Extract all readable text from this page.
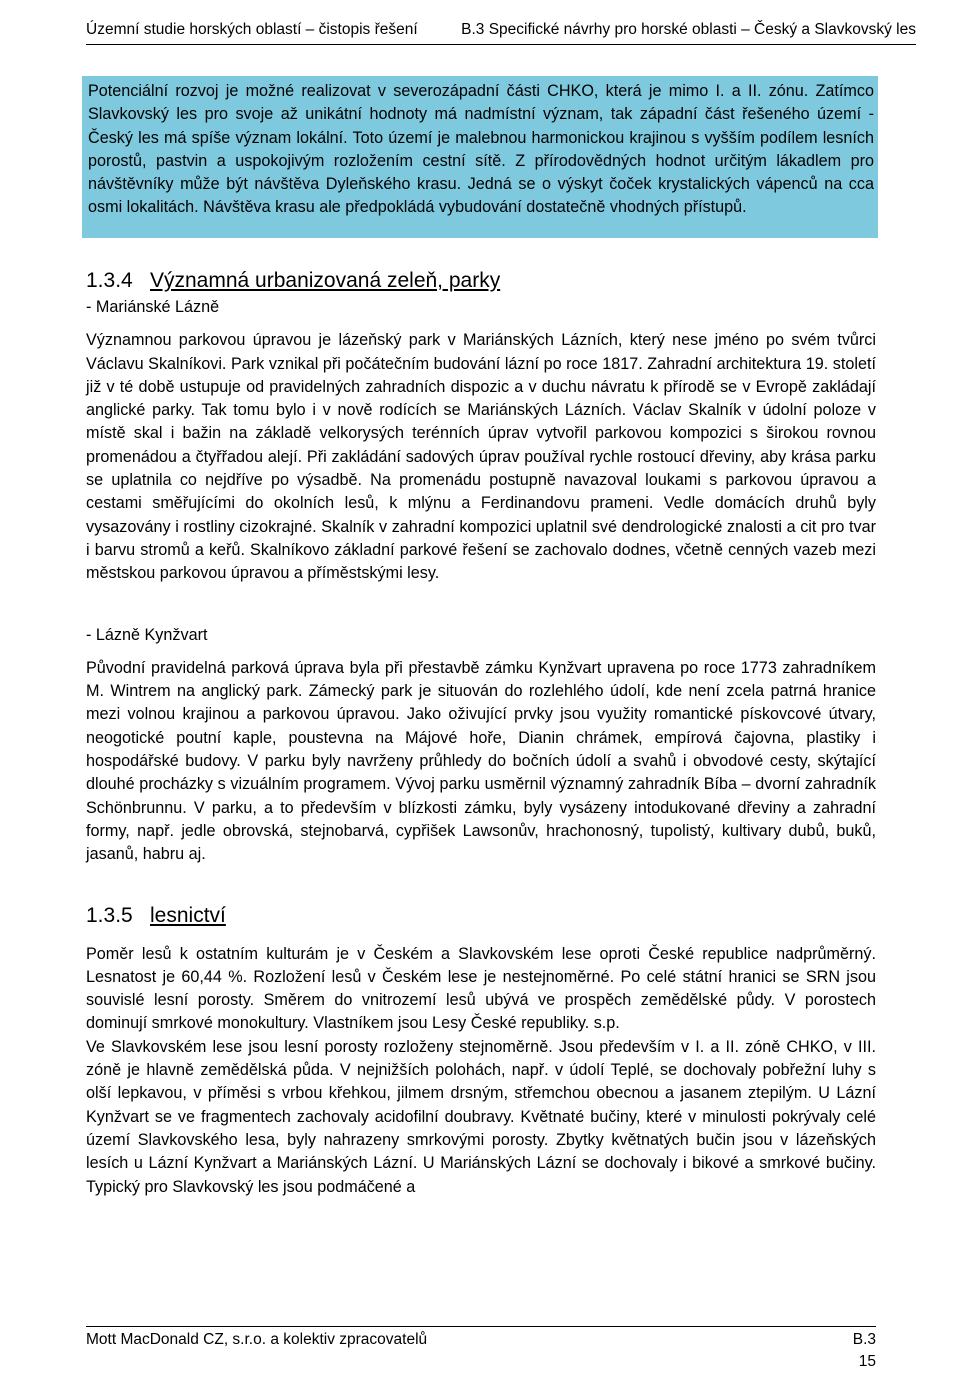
Územní studie horských oblastí – čistopis řešení	B.3 Specifické návrhy pro horské oblasti – Český a Slavkovský les
Potenciální rozvoj je možné realizovat v severozápadní části CHKO, která je mimo I. a II. zónu. Zatímco Slavkovský les pro svoje až unikátní hodnoty má nadmístní význam, tak západní část řešeného území - Český les má spíše význam lokální. Toto území je malebnou harmonickou krajinou s vyšším podílem lesních porostů, pastvin a uspokojivým rozložením cestní sítě. Z přírodovědných hodnot určitým lákadlem pro návštěvníky může být návštěva Dyleňského krasu. Jedná se o výskyt čoček krystalických vápenců na cca osmi lokalitách. Návštěva krasu ale předpokládá vybudování dostatečně vhodných přístupů.
1.3.4 Významná urbanizovaná zeleň, parky

- Mariánské Lázně

Významnou parkovou úpravou je lázeňský park v Mariánských Lázních, který nese jméno po svém tvůrci Václavu Skalníkovi. Park vznikal při počátečním budování lázní po roce 1817. Zahradní architektura 19. století již v té době ustupuje od pravidelných zahradních dispozic a v duchu návratu k přírodě se v Evropě zakládají anglické parky. Tak tomu bylo i v nově rodících se Mariánských Lázních. Václav Skalník v údolní poloze v místě skal i bažin na základě velkorysých terénních úprav vytvořil parkovou kompozici s širokou rovnou promenádou a čtyřřadou alejí. Při zakládání sadových úprav používal rychle rostoucí dřeviny, aby krása parku se uplatnila co nejdříve po výsadbě. Na promenádu postupně navazoval loukami s parkovou úpravou a cestami směřujícími do okolních lesů, k mlýnu a Ferdinandovu prameni. Vedle domácích druhů byly vysazovány i rostliny cizokrajné. Skalník v zahradní kompozici uplatnil své dendrologické znalosti a cit pro tvar i barvu stromů a keřů. Skalníkovo základní parkové řešení se zachovalo dodnes, včetně cenných vazeb mezi městskou parkovou úpravou a příměstskými lesy.

- Lázně Kynžvart

Původní pravidelná parková úprava byla při přestavbě zámku Kynžvart upravena po roce 1773 zahradníkem M. Wintrem na anglický park. Zámecký park je situován do rozlehlého údolí, kde není zcela patrná hranice mezi volnou krajinou a parkovou úpravou. Jako oživující prvky jsou využity romantické pískovcové útvary, neogotické poutní kaple, poustevna na Májové hoře, Dianin chrámek, empírová čajovna, plastiky i hospodářské budovy. V parku byly navrženy průhledy do bočních údolí a svahů i obvodové cesty, skýtající dlouhé procházky s vizuálním programem. Vývoj parku usměrnil významný zahradník Bíba – dvorní zahradník Schönbrunnu. V parku, a to především v blízkosti zámku, byly vysázeny intodukované dřeviny a zahradní formy, např. jedle obrovská, stejnobarvá, cypřišek Lawsonův, hrachonosný, tupolistý, kultivary dubů, buků, jasanů, habru aj.

1.3.5 lesnictví

Poměr lesů k ostatním kulturám je v Českém a Slavkovském lese oproti České republice nadprůměrný. Lesnatost je 60,44 %. Rozložení lesů v Českém lese je nestejnoměrné. Po celé státní hranici se SRN jsou souvislé lesní porosty. Směrem do vnitrozemí lesů ubývá ve prospěch zemědělské půdy. V porostech dominují smrkové monokultury. Vlastníkem jsou Lesy České republiky. s.p.

Ve Slavkovském lese jsou lesní porosty rozloženy stejnoměrně. Jsou především v I. a II. zóně CHKO, v III. zóně je hlavně zemědělská půda. V nejnižších polohách, např. v údolí Teplé, se dochovaly pobřežní luhy s olší lepkavou, v příměsi s vrbou křehkou, jilmem drsným, střemchou obecnou a jasanem ztepilým. U Lázní Kynžvart se ve fragmentech zachovaly acidofilní doubravy. Květnaté bučiny, které v minulosti pokrývaly celé území Slavkovského lesa, byly nahrazeny smrkovými porosty. Zbytky květnatých bučin jsou v lázeňských lesích u Lázní Kynžvart a Mariánských Lázní. U Mariánských Lázní se dochovaly i bikové a smrkové bučiny. Typický pro Slavkovský les jsou podmáčené a

Mott MacDonald CZ, s.r.o. a kolektiv zpracovatelů	B.3
15
